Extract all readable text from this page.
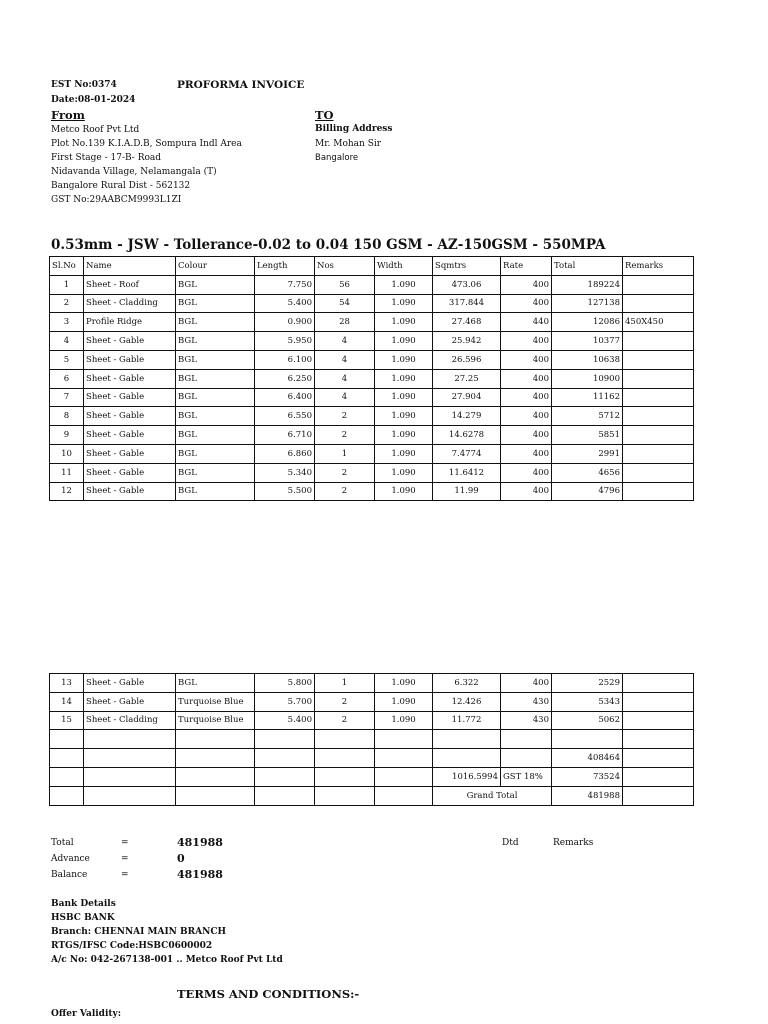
EST No:0374	PROFORMA INVOICE
Date:08-01-2024
From	TO
Metco Roof Pvt Ltd
Plot No.139 K.I.A.D.B, Sompura Indl Area
First Stage - 17-B- Road
Nidavanda Village, Nelamangala (T)
Bangalore Rural Dist - 562132
GST No:29AABCM9993L1ZI
Billing Address
Mr. Mohan Sir
Bangalore
0.53mm - JSW - Tollerance-0.02 to 0.04 150 GSM - AZ-150GSM - 550MPA
Sl.No	Name	Colour	Length	Nos	Width	Sqmtrs	Rate	Total	Remarks
1	Sheet - Roof	BGL	7.750	56	1.090	473.06	400	189224	
2	Sheet - Cladding	BGL	5.400	54	1.090	317.844	400	127138	
3	Profile Ridge	BGL	0.900	28	1.090	27.468	440	12086	450X450
4	Sheet - Gable	BGL	5.950	4	1.090	25.942	400	10377	
5	Sheet - Gable	BGL	6.100	4	1.090	26.596	400	10638	
6	Sheet - Gable	BGL	6.250	4	1.090	27.25	400	10900	
7	Sheet - Gable	BGL	6.400	4	1.090	27.904	400	11162	
8	Sheet - Gable	BGL	6.550	2	1.090	14.279	400	5712	
9	Sheet - Gable	BGL	6.710	2	1.090	14.6278	400	5851	
10	Sheet - Gable	BGL	6.860	1	1.090	7.4774	400	2991	
11	Sheet - Gable	BGL	5.340	2	1.090	11.6412	400	4656	
12	Sheet - Gable	BGL	5.500	2	1.090	11.99	400	4796	
13	Sheet - Gable	BGL	5.800	1	1.090	6.322	400	2529	
14	Sheet - Gable	Turquoise Blue	5.700	2	1.090	12.426	430	5343	
15	Sheet - Cladding	Turquoise Blue	5.400	2	1.090	11.772	430	5062	

								408464	
						1016.5994	GST 18%	73524	
						Grand Total		481988	
Total	=	481988
Advance	=	0
Balance	=	481988
Dtd	Remarks
Bank Details
HSBC BANK
Branch: CHENNAI MAIN BRANCH
RTGS/IFSC Code:HSBC0600002
A/c No: 042-267138-001 .. Metco Roof Pvt Ltd
TERMS AND CONDITIONS:-
Offer Validity:
